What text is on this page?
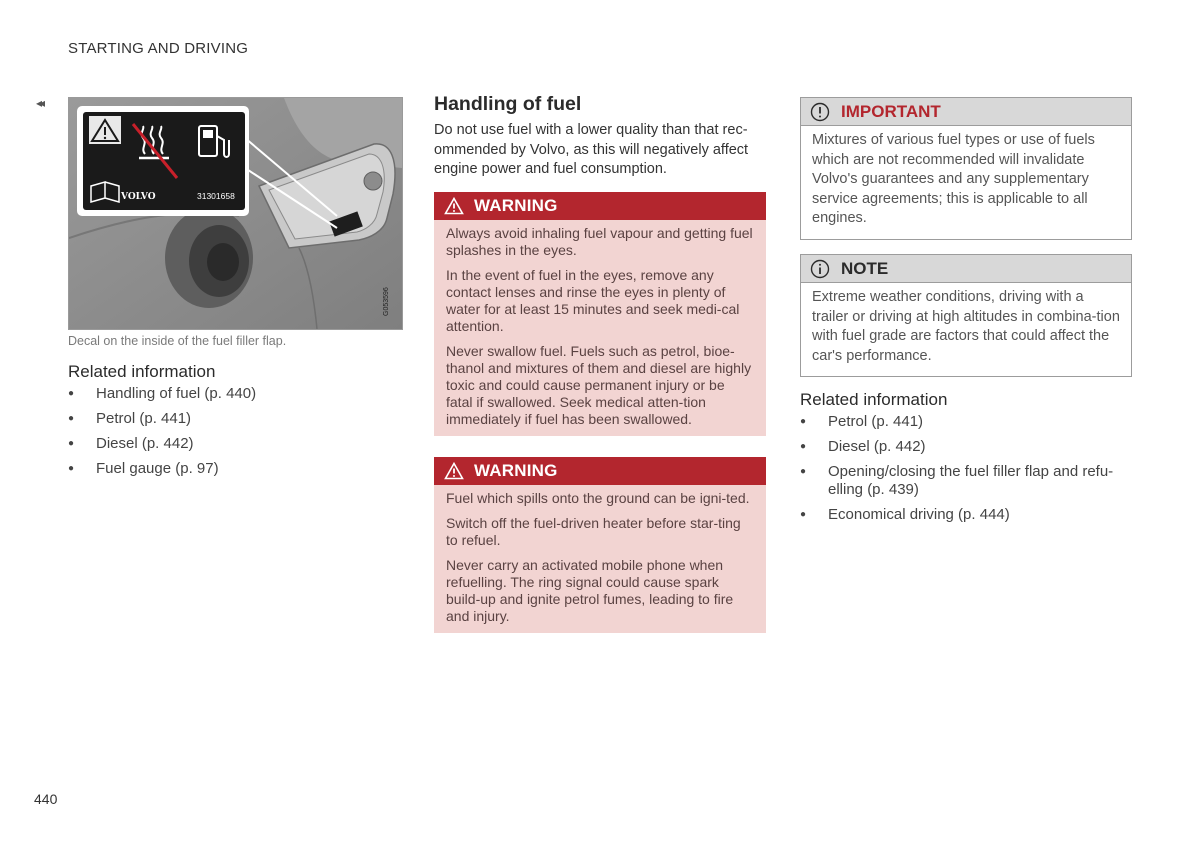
STARTING AND DRIVING
◂◂
VOLVO	31301658
G053596
Decal on the inside of the fuel filler flap.
Related information
● Handling of fuel (p. 440)
● Petrol (p. 441)
● Diesel (p. 442)
● Fuel gauge (p. 97)
Handling of fuel

Do not use fuel with a lower quality than that rec-ommended by Volvo, as this will negatively affect engine power and fuel consumption.

WARNING

Always avoid inhaling fuel vapour and getting fuel splashes in the eyes.

In the event of fuel in the eyes, remove any contact lenses and rinse the eyes in plenty of water for at least 15 minutes and seek medi-cal attention.

Never swallow fuel. Fuels such as petrol, bioe-thanol and mixtures of them and diesel are highly toxic and could cause permanent injury or be fatal if swallowed. Seek medical atten-tion immediately if fuel has been swallowed.

WARNING

Fuel which spills onto the ground can be igni-ted.

Switch off the fuel-driven heater before star-ting to refuel.

Never carry an activated mobile phone when refuelling. The ring signal could cause spark build-up and ignite petrol fumes, leading to fire and injury.

IMPORTANT
Mixtures of various fuel types or use of fuels which are not recommended will invalidate Volvo's guarantees and any supplementary service agreements; this is applicable to all engines.
NOTE
Extreme weather conditions, driving with a trailer or driving at high altitudes in combina-tion with fuel grade are factors that could affect the car's performance.
Related information
● Petrol (p. 441)
● Diesel (p. 442)
● Opening/closing the fuel filler flap and refu-elling (p. 439)
● Economical driving (p. 444)
440
